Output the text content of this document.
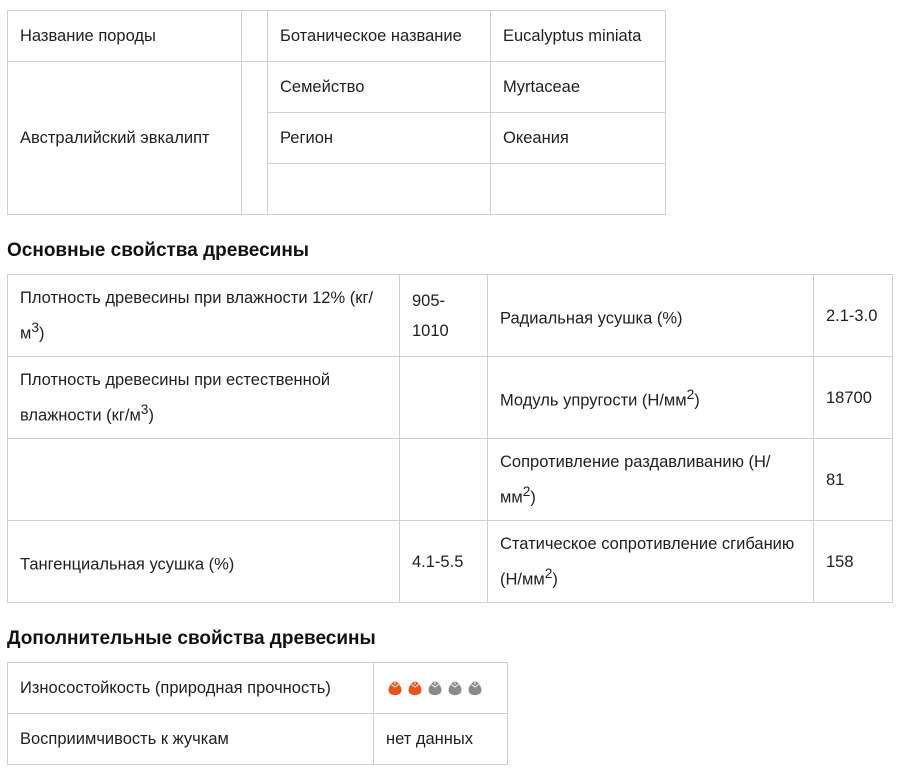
Название породы		Ботаническое название	Eucalyptus miniata
Австралийский эвкалипт		Семейство	Myrtaceae
		Регион	Океания

Основные свойства древесины
Плотность древесины при влажности 12% $(кг/м^3)$	905-1010	Радиальная усушка (%)	2.1-3.0
Плотность древесины при естественной влажности $(кг/м^3)$		Модуль упругости $(Н/мм^2)$	18700
		Сопротивление раздавливанию $(Н/мм^2)$	81
Тангенциальная усушка (%)	4.1-5.5	Статическое сопротивление сгибанию $(Н/мм^2)$	158
Дополнительные свойства древесины
Износостойкость (природная прочность)	

Восприимчивость к жучкам	нет данных
